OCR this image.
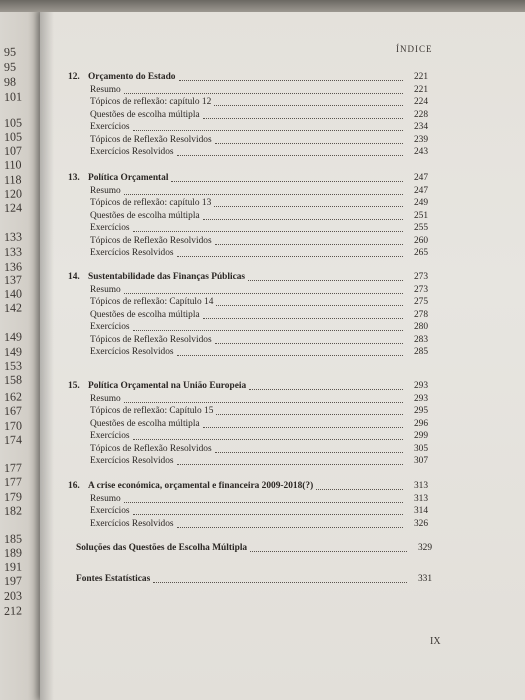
ÍNDICE
IX
95
95
98
101
105
105
107
110
118
120
124
133
133
136
137
140
142
149
149
153
158
162
167
170
174
177
177
179
182
185
189
191
197
203
212
12. Orçamento do Estado	221
Resumo	221
Tópicos de reflexão: capítulo 12	224
Questões de escolha múltipla	228
Exercícios	234
Tópicos de Reflexão Resolvidos	239
Exercícios Resolvidos	243
13. Política Orçamental	247
Resumo	247
Tópicos de reflexão: capítulo 13	249
Questões de escolha múltipla	251
Exercícios	255
Tópicos de Reflexão Resolvidos	260
Exercícios Resolvidos	265
14. Sustentabilidade das Finanças Públicas	273
Resumo	273
Tópicos de reflexão: Capítulo 14	275
Questões de escolha múltipla	278
Exercícios	280
Tópicos de Reflexão Resolvidos	283
Exercícios Resolvidos	285
15. Política Orçamental na União Europeia	293
Resumo	293
Tópicos de reflexão: Capítulo 15	295
Questões de escolha múltipla	296
Exercícios	299
Tópicos de Reflexão Resolvidos	305
Exercícios Resolvidos	307
16. A crise económica, orçamental e financeira 2009-2018(?)	313
Resumo	313
Exercícios	314
Exercícios Resolvidos	326
Soluções das Questões de Escolha Múltipla	329
Fontes Estatísticas	331
